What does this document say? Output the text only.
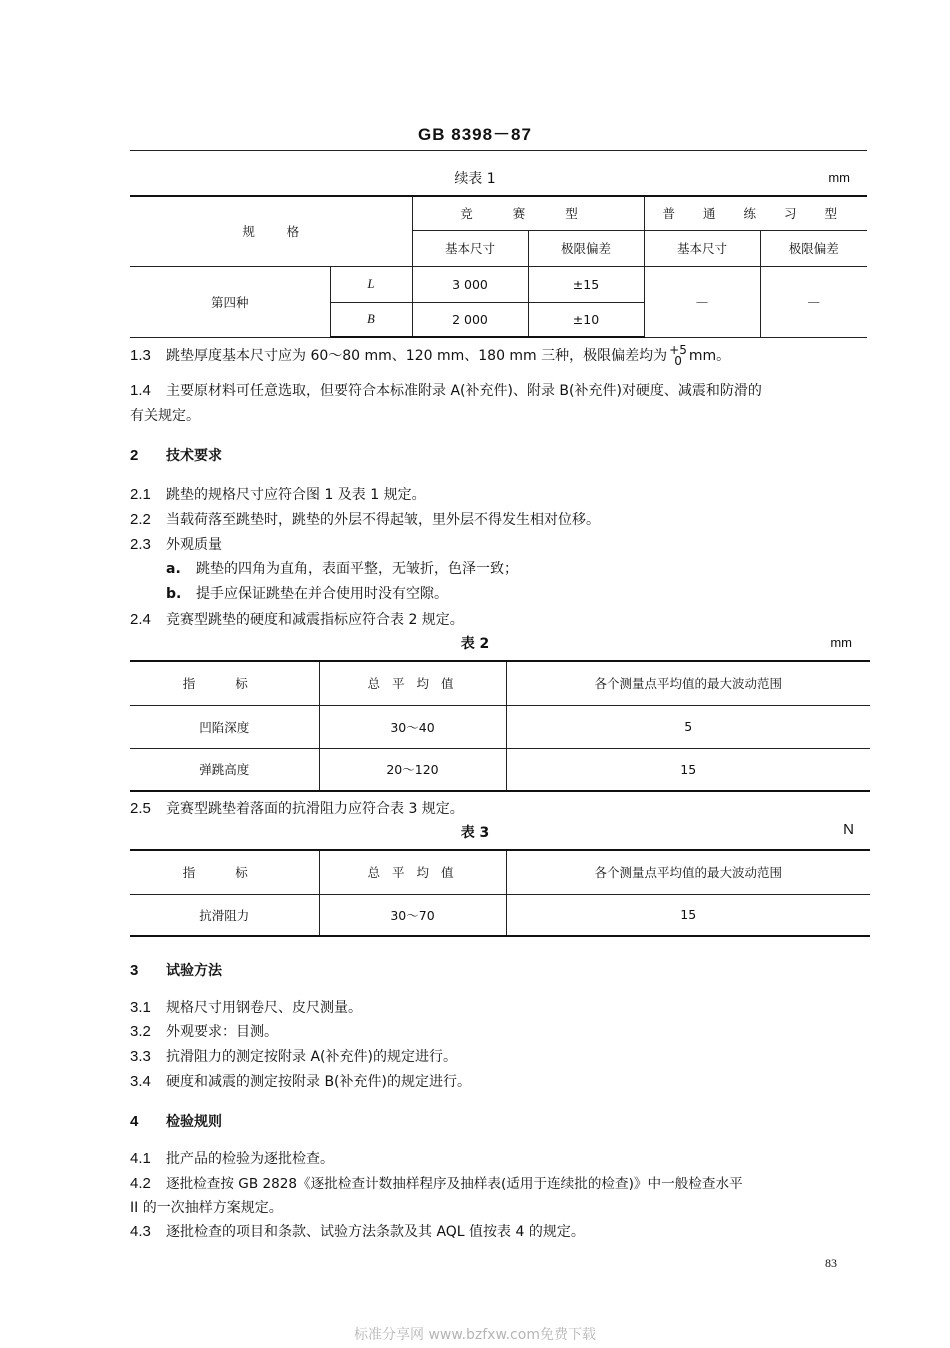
GB 8398－87
续表 1	mm
规        格		竞 赛 型		普 通 练 习 型	
		基本尺寸	极限偏差	基本尺寸	极限偏差
第四种	L	3 000	±15	—	—
	B	2 000	±10		
1.3 跳垫厚度基本尺寸应为 60～80 mm、120 mm、180 mm 三种，极限偏差均为 +5
0 mm。
1.4 主要原材料可任意选取，但要符合本标准附录 A(补充件)、附录 B(补充件)对硬度、减震和防滑的
有关规定。
2 技术要求
2.1 跳垫的规格尺寸应符合图 1 及表 1 规定。
2.2 当载荷落至跳垫时，跳垫的外层不得起皱，里外层不得发生相对位移。
2.3 外观质量
a. 跳垫的四角为直角，表面平整，无皱折，色泽一致；
b. 提手应保证跳垫在并合使用时没有空隙。
2.4 竞赛型跳垫的硬度和减震指标应符合表 2 规定。
表 2	mm
指 标	总 平 均 值	各个测量点平均值的最大波动范围
凹陷深度	30～40	5
弹跳高度	20～120	15
2.5 竞赛型跳垫着落面的抗滑阻力应符合表 3 规定。
表 3	N
指 标	总 平 均 值	各个测量点平均值的最大波动范围
抗滑阻力	30～70	15
3 试验方法
3.1 规格尺寸用钢卷尺、皮尺测量。
3.2 外观要求：目测。
3.3 抗滑阻力的测定按附录 A(补充件)的规定进行。
3.4 硬度和减震的测定按附录 B(补充件)的规定进行。
4 检验规则
4.1 批产品的检验为逐批检查。
4.2 逐批检查按 GB 2828《逐批检查计数抽样程序及抽样表(适用于连续批的检查)》中一般检查水平
II 的一次抽样方案规定。
4.3 逐批检查的项目和条款、试验方法条款及其 AQL 值按表 4 的规定。
83
标准分享网 www.bzfxw.com免费下载
